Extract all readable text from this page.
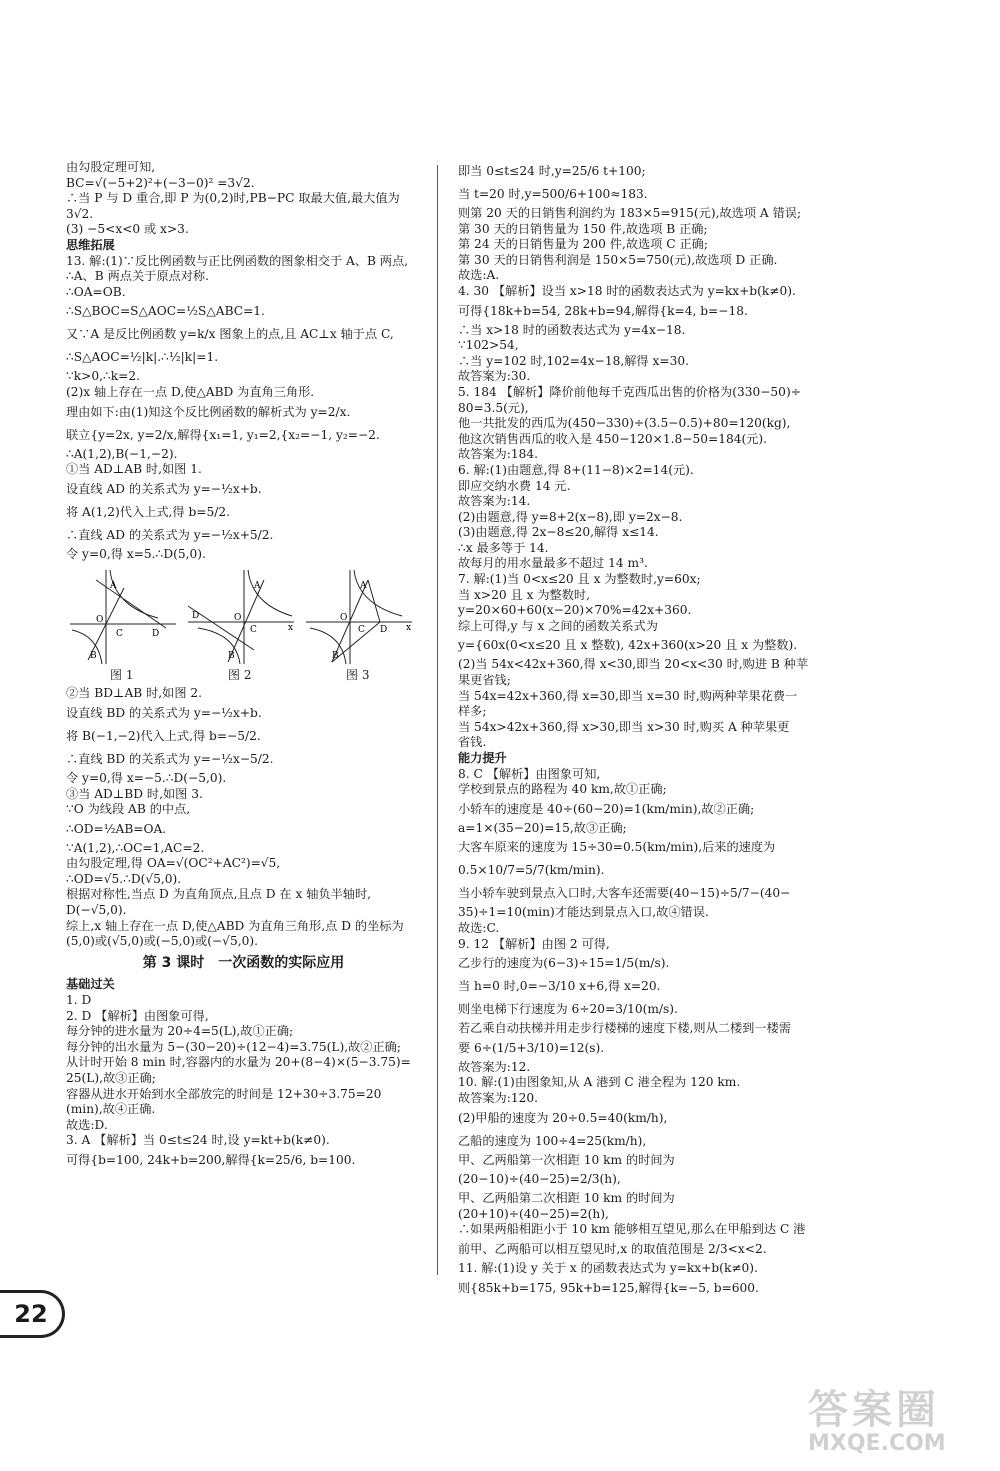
由勾股定理可知,
BC=√(−5+2)²+(−3−0)² =3√2.
∴当 P 与 D 重合,即 P 为(0,2)时,PB−PC 取最大值,最大值为
3√2.
(3) −5<x<0 或 x>3.
思维拓展
13. 解:(1)∵反比例函数与正比例函数的图象相交于 A、B 两点,
∴A、B 两点关于原点对称.
∴OA=OB.
∴S△BOC=S△AOC=½S△ABC=1.
又∵A 是反比例函数 y=k/x 图象上的点,且 AC⊥x 轴于点 C,
∴S△AOC=½|k|.∴½|k|=1.
∵k>0,∴k=2.
(2)x 轴上存在一点 D,使△ABD 为直角三角形.
理由如下:由(1)知这个反比例函数的解析式为 y=2/x.
联立{y=2x, y=2/x,解得{x₁=1, y₁=2,{x₂=−1, y₂=−2.
∴A(1,2),B(−1,−2).
①当 AD⊥AB 时,如图 1.
设直线 AD 的关系式为 y=−½x+b.
将 A(1,2)代入上式,得 b=5/2.
∴直线 AD 的关系式为 y=−½x+5/2.
令 y=0,得 x=5.∴D(5,0).
A
O
C	D
B
A
O
C
D
B
x
A
O
C D
B
x
图 1	图 2	图 3
②当 BD⊥AB 时,如图 2.
设直线 BD 的关系式为 y=−½x+b.
将 B(−1,−2)代入上式,得 b=−5/2.
∴直线 BD 的关系式为 y=−½x−5/2.
令 y=0,得 x=−5.∴D(−5,0).
③当 AD⊥BD 时,如图 3.
∵O 为线段 AB 的中点,
∴OD=½AB=OA.
∵A(1,2),∴OC=1,AC=2.
由勾股定理,得 OA=√(OC²+AC²)=√5,
∴OD=√5.∴D(√5,0).
根据对称性,当点 D 为直角顶点,且点 D 在 x 轴负半轴时,
D(−√5,0).
综上,x 轴上存在一点 D,使△ABD 为直角三角形,点 D 的坐标为
(5,0)或(√5,0)或(−5,0)或(−√5,0).
第 3 课时　一次函数的实际应用
基础过关
1. D
2. D 【解析】由图象可得,
每分钟的进水量为 20÷4=5(L),故①正确;
每分钟的出水量为 5−(30−20)÷(12−4)=3.75(L),故②正确;
从计时开始 8 min 时,容器内的水量为 20+(8−4)×(5−3.75)=
25(L),故③正确;
容器从进水开始到水全部放完的时间是 12+30÷3.75=20
(min),故④正确.
故选:D.
3. A 【解析】当 0≤t≤24 时,设 y=kt+b(k≠0).
可得{b=100, 24k+b=200,解得{k=25/6, b=100.
即当 0≤t≤24 时,y=25/6 t+100;
当 t=20 时,y=500/6+100≈183.
则第 20 天的日销售利润约为 183×5=915(元),故选项 A 错误;
第 30 天的日销售量为 150 件,故选项 B 正确;
第 24 天的日销售量为 200 件,故选项 C 正确;
第 30 天的日销售利润是 150×5=750(元),故选项 D 正确.
故选:A.
4. 30 【解析】设当 x>18 时的函数表达式为 y=kx+b(k≠0).
可得{18k+b=54, 28k+b=94,解得{k=4, b=−18.
∴当 x>18 时的函数表达式为 y=4x−18.
∵102>54,
∴当 y=102 时,102=4x−18,解得 x=30.
故答案为:30.
5. 184 【解析】降价前他每千克西瓜出售的价格为(330−50)÷
80=3.5(元),
他一共批发的西瓜为(450−330)÷(3.5−0.5)+80=120(kg),
他这次销售西瓜的收入是 450−120×1.8−50=184(元).
故答案为:184.
6. 解:(1)由题意,得 8+(11−8)×2=14(元).
即应交纳水费 14 元.
故答案为:14.
(2)由题意,得 y=8+2(x−8),即 y=2x−8.
(3)由题意,得 2x−8≤20,解得 x≤14.
∴x 最多等于 14.
故每月的用水量最多不超过 14 m³.
7. 解:(1)当 0<x≤20 且 x 为整数时,y=60x;
当 x>20 且 x 为整数时,
y=20×60+60(x−20)×70%=42x+360.
综上可得,y 与 x 之间的函数关系式为
y={60x(0<x≤20 且 x 整数), 42x+360(x>20 且 x 为整数).
(2)当 54x<42x+360,得 x<30,即当 20<x<30 时,购进 B 种苹
果更省钱;
当 54x=42x+360,得 x=30,即当 x=30 时,购两种苹果花费一
样多;
当 54x>42x+360,得 x>30,即当 x>30 时,购买 A 种苹果更
省钱.
能力提升
8. C 【解析】由图象可知,
学校到景点的路程为 40 km,故①正确;
小轿车的速度是 40÷(60−20)=1(km/min),故②正确;
a=1×(35−20)=15,故③正确;
大客车原来的速度为 15÷30=0.5(km/min),后来的速度为
0.5×10/7=5/7(km/min).
当小轿车驶到景点入口时,大客车还需要(40−15)÷5/7−(40−
35)÷1=10(min)才能达到景点入口,故④错误.
故选:C.
9. 12 【解析】由图 2 可得,
乙步行的速度为(6−3)÷15=1/5(m/s).
当 h=0 时,0=−3/10 x+6,得 x=20.
则坐电梯下行速度为 6÷20=3/10(m/s).
若乙乘自动扶梯并用走步行楼梯的速度下楼,则从二楼到一楼需
要 6÷(1/5+3/10)=12(s).
故答案为:12.
10. 解:(1)由图象知,从 A 港到 C 港全程为 120 km.
故答案为:120.
(2)甲船的速度为 20÷0.5=40(km/h),
乙船的速度为 100÷4=25(km/h),
甲、乙两船第一次相距 10 km 的时间为
(20−10)÷(40−25)=2/3(h),
甲、乙两船第二次相距 10 km 的时间为
(20+10)÷(40−25)=2(h),
∴如果两船相距小于 10 km 能够相互望见,那么在甲船到达 C 港
前甲、乙两船可以相互望见时,x 的取值范围是 2/3<x<2.
11. 解:(1)设 y 关于 x 的函数表达式为 y=kx+b(k≠0).
则{85k+b=175, 95k+b=125,解得{k=−5, b=600.
22
答案圈
MXQE.COM
